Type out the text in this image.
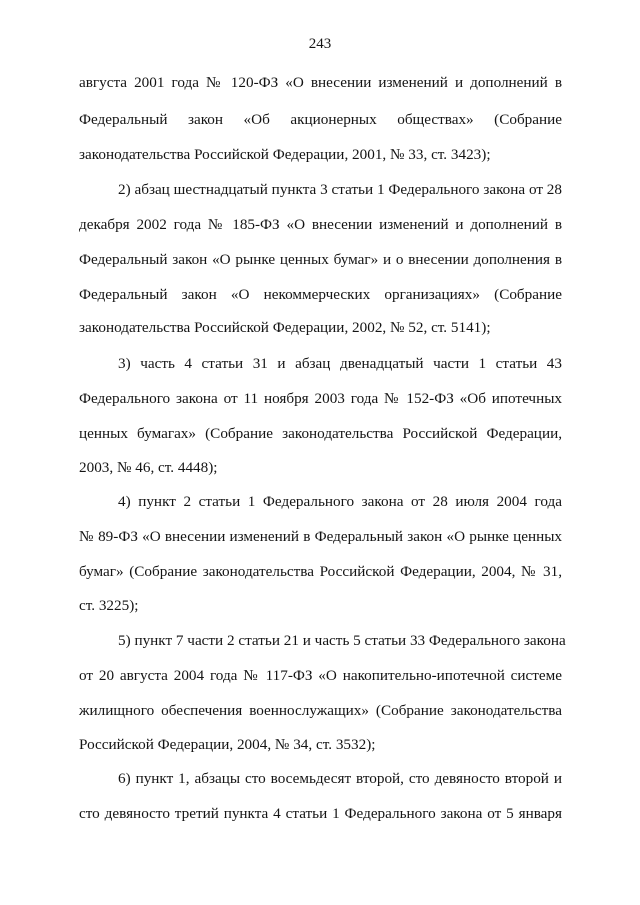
243
августа 2001 года № 120-ФЗ «О внесении изменений и дополнений в
Федеральный закон «Об акционерных обществах» (Собрание
законодательства Российской Федерации, 2001, № 33, ст. 3423);
2) абзац шестнадцатый пункта 3 статьи 1 Федерального закона от 28
декабря 2002 года № 185-ФЗ «О внесении изменений и дополнений в
Федеральный закон «О рынке ценных бумаг» и о внесении дополнения в
Федеральный закон «О некоммерческих организациях» (Собрание
законодательства Российской Федерации, 2002, № 52, ст. 5141);
3) часть 4 статьи 31 и абзац двенадцатый части 1 статьи 43
Федерального закона от 11 ноября 2003 года № 152-ФЗ «Об ипотечных
ценных бумагах» (Собрание законодательства Российской Федерации,
2003, № 46, ст. 4448);
4) пункт 2 статьи 1 Федерального закона от 28 июля 2004 года
№ 89-ФЗ «О внесении изменений в Федеральный закон «О рынке ценных
бумаг» (Собрание законодательства Российской Федерации, 2004, № 31,
ст. 3225);
5) пункт 7 части 2 статьи 21 и часть 5 статьи 33 Федерального закона
от 20 августа 2004 года № 117-ФЗ «О накопительно-ипотечной системе
жилищного обеспечения военнослужащих» (Собрание законодательства
Российской Федерации, 2004, № 34, ст. 3532);
6) пункт 1, абзацы сто восемьдесят второй, сто девяносто второй и
сто девяносто третий пункта 4 статьи 1 Федерального закона от 5 января
